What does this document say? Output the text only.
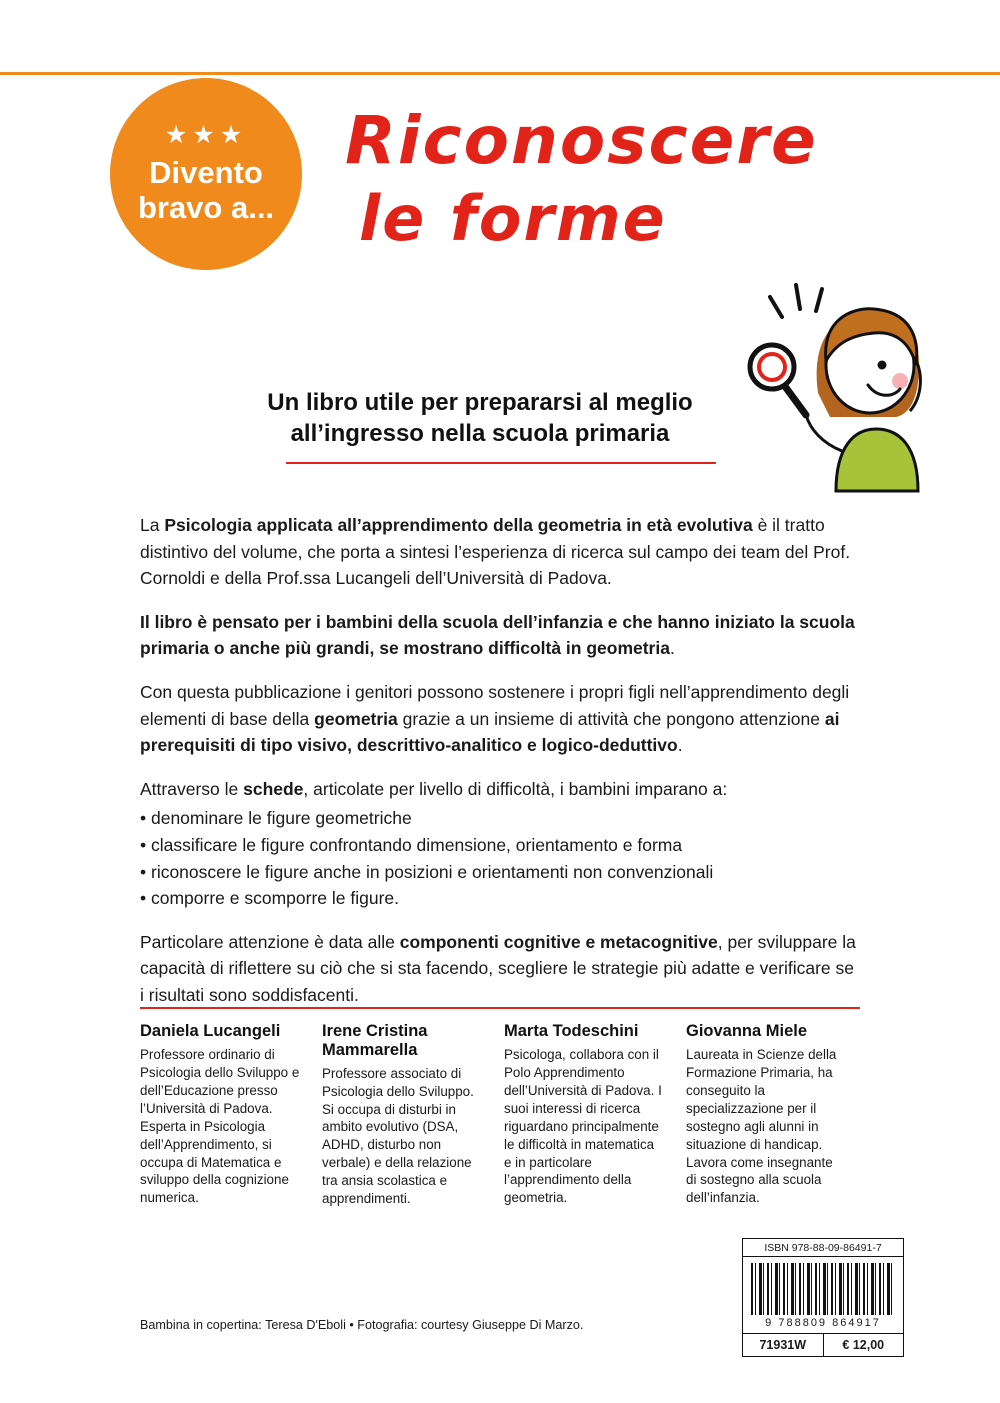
★★★
Divento bravo a...
Riconoscere
le forme
Un libro utile per prepararsi al meglio
all’ingresso nella scuola primaria

La Psicologia applicata all’apprendimento della geometria in età evolutiva è il tratto distintivo del volume, che porta a sintesi l’esperienza di ricerca sul campo dei team del Prof. Cornoldi e della Prof.ssa Lucangeli dell’Università di Padova.

Il libro è pensato per i bambini della scuola dell’infanzia e che hanno iniziato la scuola primaria o anche più grandi, se mostrano difficoltà in geometria.

Con questa pubblicazione i genitori possono sostenere i propri figli nell’apprendimento degli elementi di base della geometria grazie a un insieme di attività che pongono attenzione ai prerequisiti di tipo visivo, descrittivo-analitico e logico-deduttivo.

Attraverso le schede, articolate per livello di difficoltà, i bambini imparano a:

• denominare le figure geometriche
• classificare le figure confrontando dimensione, orientamento e forma
• riconoscere le figure anche in posizioni e orientamenti non convenzionali
• comporre e scomporre le figure.

Particolare attenzione è data alle componenti cognitive e metacognitive, per sviluppare la capacità di riflettere su ciò che si sta facendo, scegliere le strategie più adatte e verificare se i risultati sono soddisfacenti.

Daniela Lucangeli

Professore ordinario di Psicologia dello Sviluppo e dell’Educazione presso l’Università di Padova. Esperta in Psicologia dell’Apprendimento, si occupa di Matematica e sviluppo della cognizione numerica.

Irene Cristina Mammarella

Professore associato di Psicologia dello Sviluppo. Si occupa di disturbi in ambito evolutivo (DSA, ADHD, disturbo non verbale) e della relazione tra ansia scolastica e apprendimenti.

Marta Todeschini

Psicologa, collabora con il Polo Apprendimento dell’Università di Padova. I suoi interessi di ricerca riguardano principalmente le difficoltà in matematica e in particolare l’apprendimento della geometria.

Giovanna Miele

Laureata in Scienze della Formazione Primaria, ha conseguito la specializzazione per il sostegno agli alunni in situazione di handicap. Lavora come insegnante di sostegno alla scuola dell’infanzia.

Bambina in copertina: Teresa D'Eboli • Fotografia: courtesy Giuseppe Di Marzo.
ISBN 978-88-09-86491-7
9 788809 864917
71931W	€ 12,00
